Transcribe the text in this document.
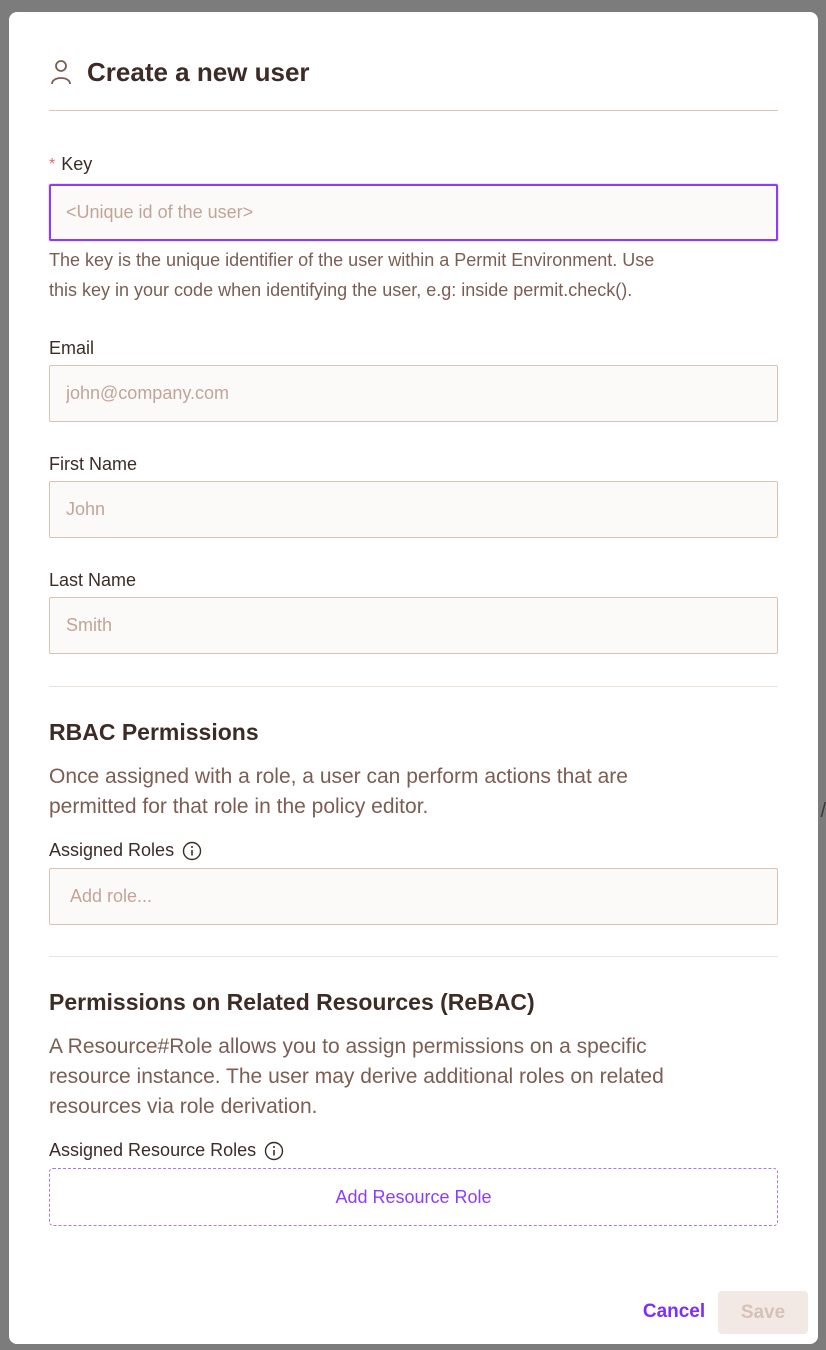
/
Create a new user
* Key
<Unique id of the user>
The key is the unique identifier of the user within a Permit Environment. Use
this key in your code when identifying the user, e.g: inside permit.check().
Email
john@company.com
First Name
John
Last Name
Smith
RBAC Permissions
Once assigned with a role, a user can perform actions that are
permitted for that role in the policy editor.
Assigned Roles
Add role...
Permissions on Related Resources (ReBAC)
A Resource#Role allows you to assign permissions on a specific
resource instance. The user may derive additional roles on related
resources via role derivation.
Assigned Resource Roles
Add Resource Role
Cancel	Save
